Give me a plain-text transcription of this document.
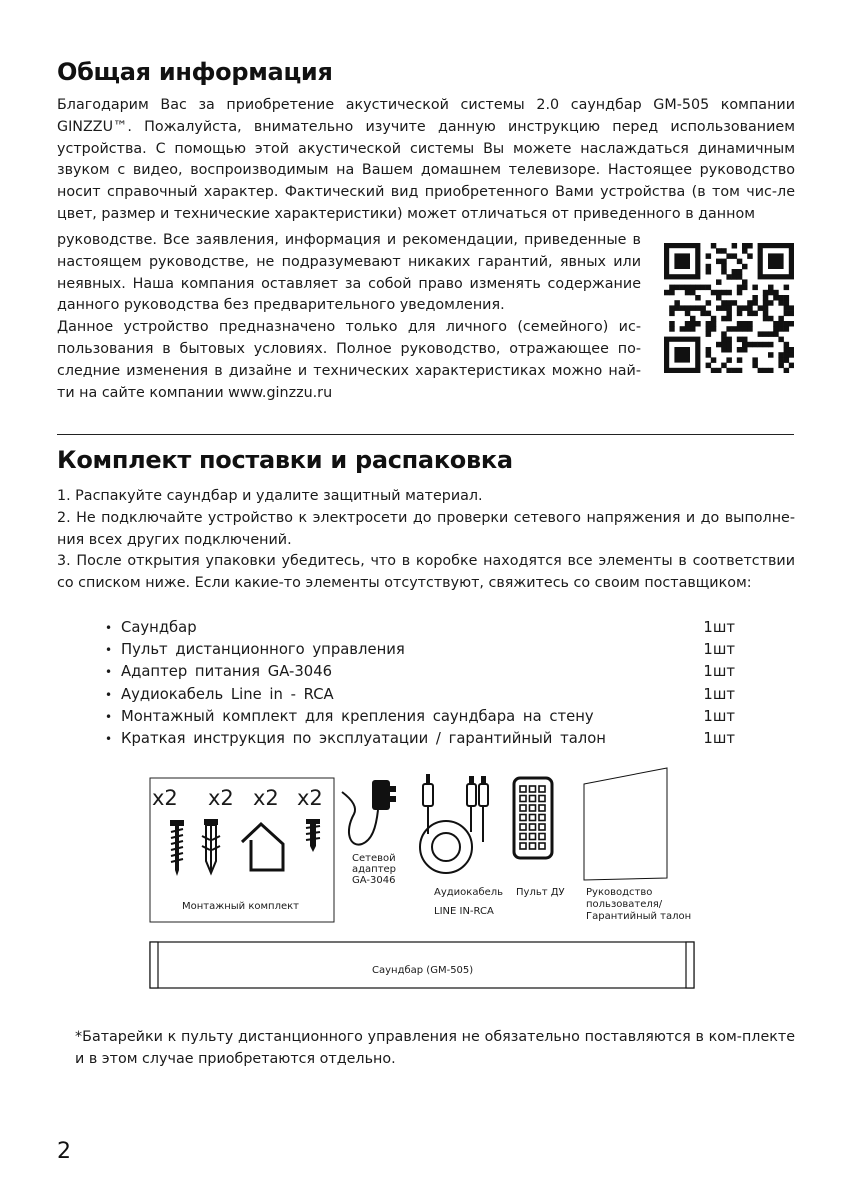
Общая информация

Благодарим Вас за приобретение акустической системы 2.0 саундбар GM-505 компании GINZZU™. Пожалуйста, внимательно изучите данную инструкцию перед использованием устройства. С помощью этой акустической системы Вы можете наслаждаться динамичным звуком с видео, воспроизводимым на Вашем домашнем телевизоре. Настоящее руководство носит справочный характер. Фактический вид приобретенного Вами устройства (в том чис-ле цвет, размер и технические характеристики) может отличаться от приведенного в данном

руководстве. Все заявления, информация и рекомендации, приведенные в настоящем руководстве, не подразумевают никаких гарантий, явных или неявных. Наша компания оставляет за собой право изменять содержание данного руководства без предварительного уведомления.

Данное устройство предназначено только для личного (семейного) ис-пользования в бытовых условиях. Полное руководство, отражающее по-следние изменения в дизайне и технических характеристиках можно най-ти на сайте компании www.ginzzu.ru

Комплект поставки и распаковка

1. Распакуйте саундбар и удалите защитный материал.

2. Не подключайте устройство к электросети до проверки сетевого напряжения и до выполне-ния всех других подключений.

3. После открытия упаковки убедитесь, что в коробке находятся все элементы в соответствии со списком ниже. Если какие-то элементы отсутствуют, свяжитесь со своим поставщиком:

• Саундбар	1шт
• Пульт дистанционного управления	1шт
• Адаптер питания GA-3046	1шт
• Аудиокабель Line in - RCA	1шт
• Монтажный комплект для крепления саундбара на стену	1шт
• Краткая инструкция по эксплуатации / гарантийный талон	1шт
x2 x2 x2 x2
Монтажный комплект
Сетевой
адаптер
GA-3046
Аудиокабель
LINE IN-RCA
Пульт ДУ Руководство
пользователя/
Гарантийный талон
Саундбар (GM-505)

*Батарейки к пульту дистанционного управления не обязательно поставляются в ком-плекте и в этом случае приобретаются отдельно.

2
